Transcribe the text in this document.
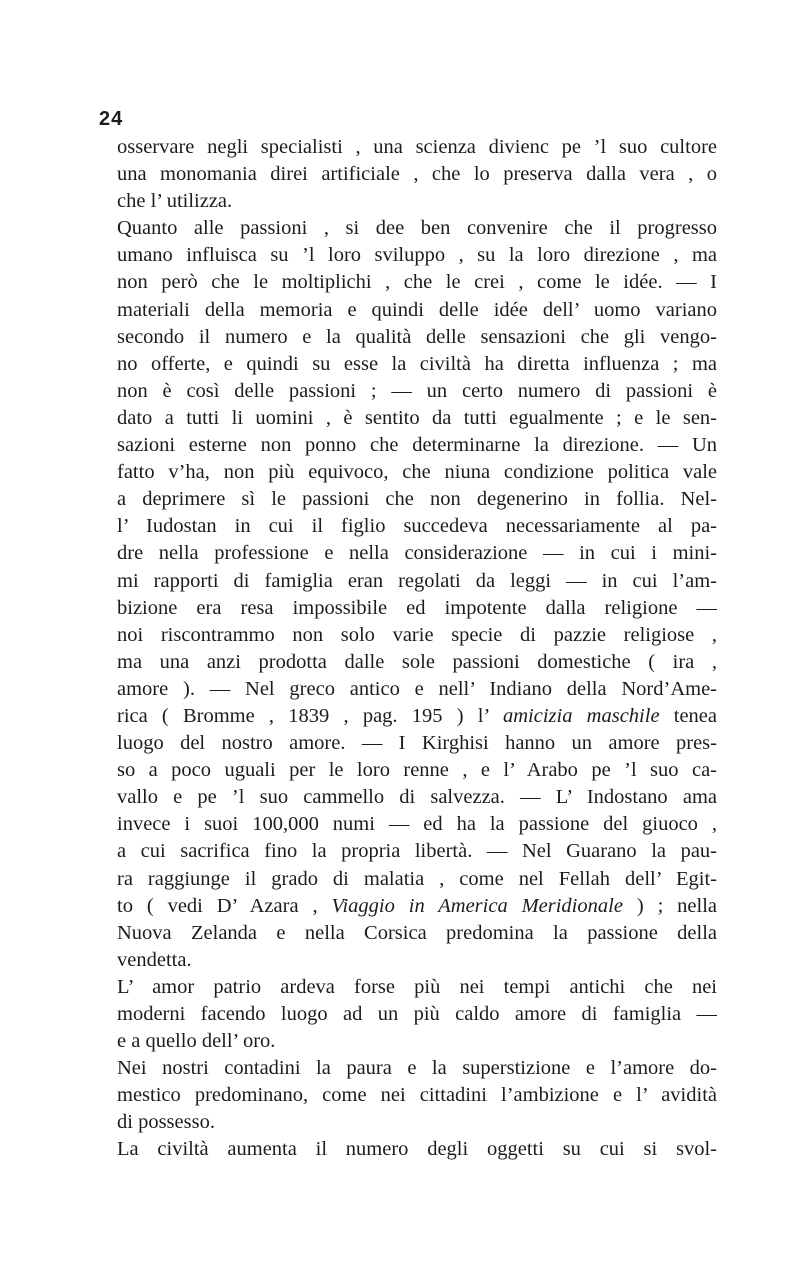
24
osservare negli specialisti , una scienza divienc pe ’l suo cultore
una monomania direi artificiale , che lo preserva dalla vera , o
che l’ utilizza.
Quanto alle passioni , si dee ben convenire che il progresso
umano influisca su ’l loro sviluppo , su la loro direzione , ma
non però che le moltiplichi , che le crei , come le idée. — I
materiali della memoria e quindi delle idée dell’ uomo variano
secondo il numero e la qualità delle sensazioni che gli vengo-
no offerte, e quindi su esse la civiltà ha diretta influenza ; ma
non è così delle passioni ; — un certo numero di passioni è
dato a tutti li uomini , è sentito da tutti egualmente ; e le sen-
sazioni esterne non ponno che determinarne la direzione. — Un
fatto v’ha, non più equivoco, che niuna condizione politica vale
a deprimere sì le passioni che non degenerino in follia. Nel-
l’ Iudostan in cui il figlio succedeva necessariamente al pa-
dre nella professione e nella considerazione — in cui i mini-
mi rapporti di famiglia eran regolati da leggi — in cui l’am-
bizione era resa impossibile ed impotente dalla religione —
noi riscontrammo non solo varie specie di pazzie religiose ,
ma una anzi prodotta dalle sole passioni domestiche ( ira ,
amore ). — Nel greco antico e nell’ Indiano della Nord’Ame-
rica ( Bromme , 1839 , pag. 195 ) l’ amicizia maschile tenea
luogo del nostro amore. — I Kirghisi hanno un amore pres-
so a poco uguali per le loro renne , e l’ Arabo pe ’l suo ca-
vallo e pe ’l suo cammello di salvezza. — L’ Indostano ama
invece i suoi 100,000 numi — ed ha la passione del giuoco ,
a cui sacrifica fino la propria libertà. — Nel Guarano la pau-
ra raggiunge il grado di malatia , come nel Fellah dell’ Egit-
to ( vedi D’ Azara , Viaggio in America Meridionale ) ; nella
Nuova Zelanda e nella Corsica predomina la passione della
vendetta.
L’ amor patrio ardeva forse più nei tempi antichi che nei
moderni facendo luogo ad un più caldo amore di famiglia —
e a quello dell’ oro.
Nei nostri contadini la paura e la superstizione e l’amore do-
mestico predominano, come nei cittadini l’ambizione e l’ avidità
di possesso.
La civiltà aumenta il numero degli oggetti su cui si svol-
